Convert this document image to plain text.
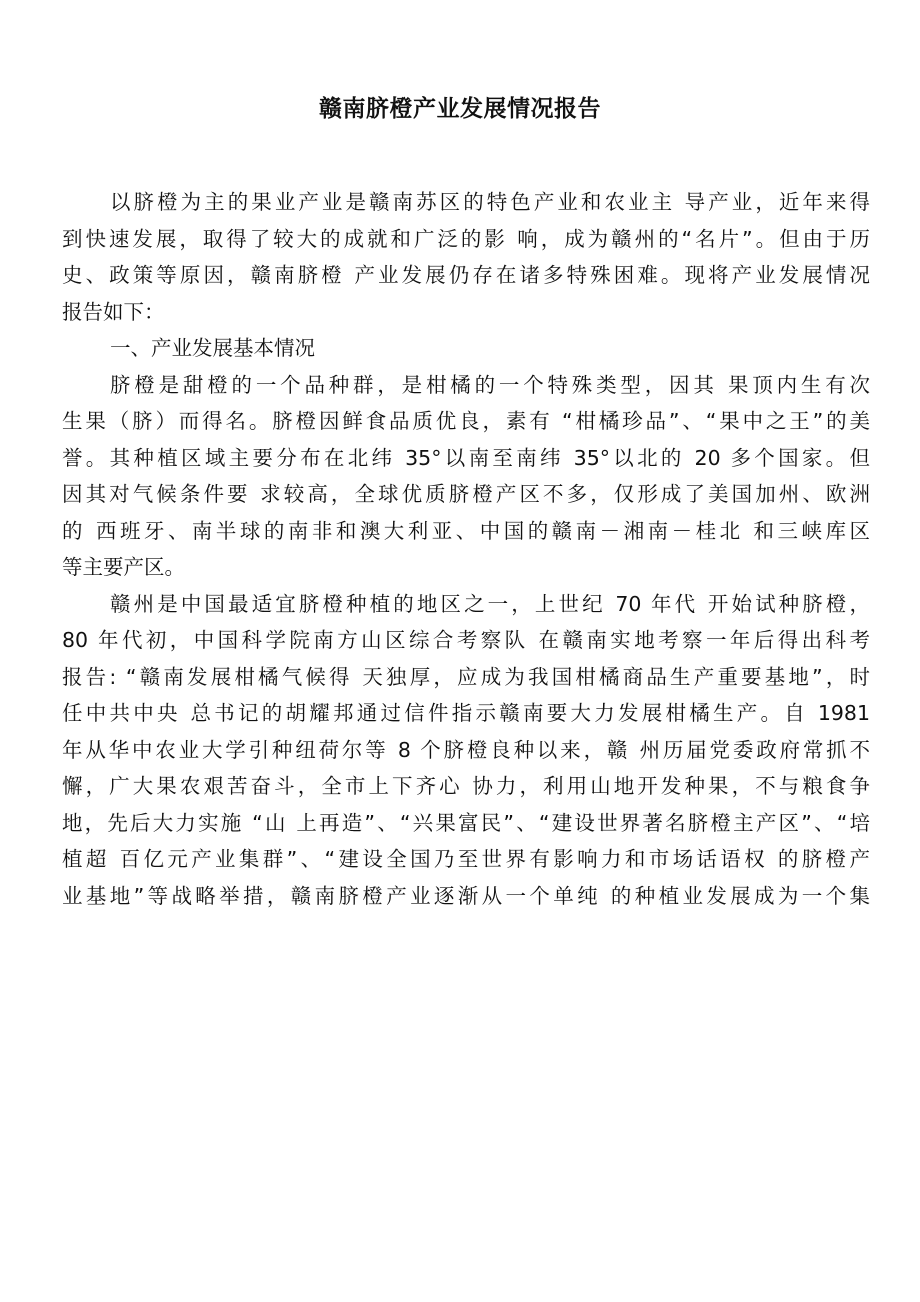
赣南脐橙产业发展情况报告
以脐橙为主的果业产业是赣南苏区的特色产业和农业主 导产业，近年来得
到快速发展，取得了较大的成就和广泛的影 响，成为赣州的“名片”。但由于历
史、政策等原因，赣南脐橙 产业发展仍存在诸多特殊困难。现将产业发展情况
报告如下：
一、产业发展基本情况
脐橙是甜橙的一个品种群，是柑橘的一个特殊类型，因其 果顶内生有次
生果（脐）而得名。脐橙因鲜食品质优良，素有 “柑橘珍品”、“果中之王”的美
誉。其种植区域主要分布在北纬 35°以南至南纬 35°以北的 20 多个国家。但
因其对气候条件要 求较高，全球优质脐橙产区不多，仅形成了美国加州、欧洲
的 西班牙、南半球的南非和澳大利亚、中国的赣南－湘南－桂北 和三峡库区
等主要产区。
赣州是中国最适宜脐橙种植的地区之一，上世纪 70 年代 开始试种脐橙，
80 年代初，中国科学院南方山区综合考察队 在赣南实地考察一年后得出科考
报告: “赣南发展柑橘气候得 天独厚，应成为我国柑橘商品生产重要基地”，时
任中共中央 总书记的胡耀邦通过信件指示赣南要大力发展柑橘生产。自 1981
年从华中农业大学引种纽荷尔等 8 个脐橙良种以来，赣 州历届党委政府常抓不
懈，广大果农艰苦奋斗，全市上下齐心 协力，利用山地开发种果，不与粮食争
地，先后大力实施 “山 上再造”、“兴果富民”、“建设世界著名脐橙主产区”、“培
植超 百亿元产业集群”、“建设全国乃至世界有影响力和市场话语权 的脐橙产
业基地”等战略举措，赣南脐橙产业逐渐从一个单纯 的种植业发展成为一个集
